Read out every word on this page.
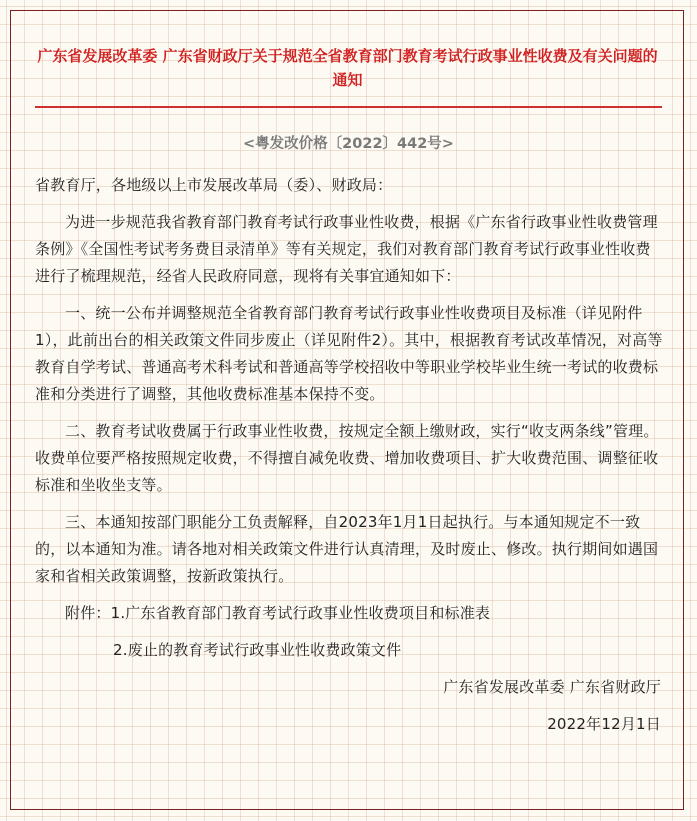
广东省发展改革委 广东省财政厅关于规范全省教育部门教育考试行政事业性收费及有关问题的通知
<粤发改价格〔2022〕442号>

省教育厅，各地级以上市发展改革局（委）、财政局：

为进一步规范我省教育部门教育考试行政事业性收费，根据《广东省行政事业性收费管理条例》《全国性考试考务费目录清单》等有关规定，我们对教育部门教育考试行政事业性收费进行了梳理规范，经省人民政府同意，现将有关事宜通知如下：

一、统一公布并调整规范全省教育部门教育考试行政事业性收费项目及标准（详见附件1），此前出台的相关政策文件同步废止（详见附件2）。其中，根据教育考试改革情况，对高等教育自学考试、普通高考术科考试和普通高等学校招收中等职业学校毕业生统一考试的收费标准和分类进行了调整，其他收费标准基本保持不变。

二、教育考试收费属于行政事业性收费，按规定全额上缴财政，实行“收支两条线”管理。收费单位要严格按照规定收费，不得擅自减免收费、增加收费项目、扩大收费范围、调整征收标准和坐收坐支等。

三、本通知按部门职能分工负责解释，自2023年1月1日起执行。与本通知规定不一致的，以本通知为准。请各地对相关政策文件进行认真清理，及时废止、修改。执行期间如遇国家和省相关政策调整，按新政策执行。

附件：1.广东省教育部门教育考试行政事业性收费项目和标准表

2.废止的教育考试行政事业性收费政策文件

广东省发展改革委 广东省财政厅

2022年12月1日
